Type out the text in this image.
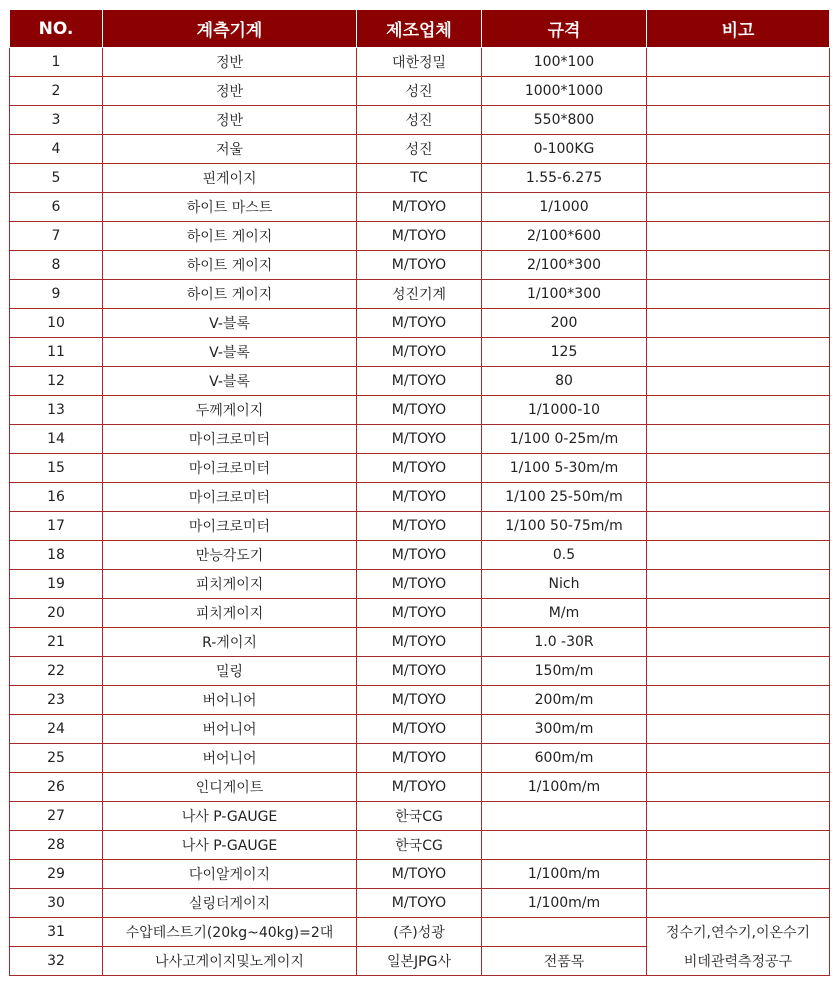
NO.	계측기계	제조업체	규격	비고
1	정반	대한정밀	100*100	
2	정반	성진	1000*1000	
3	정반	성진	550*800	
4	저울	성진	0-100KG	
5	핀게이지	TC	1.55-6.275	
6	하이트 마스트	M/TOYO	1/1000	
7	하이트 게이지	M/TOYO	2/100*600	
8	하이트 게이지	M/TOYO	2/100*300	
9	하이트 게이지	성진기계	1/100*300	
10	V-블록	M/TOYO	200	
11	V-블록	M/TOYO	125	
12	V-블록	M/TOYO	80	
13	두께게이지	M/TOYO	1/1000-10	
14	마이크로미터	M/TOYO	1/100 0-25m/m	
15	마이크로미터	M/TOYO	1/100 5-30m/m	
16	마이크로미터	M/TOYO	1/100 25-50m/m	
17	마이크로미터	M/TOYO	1/100 50-75m/m	
18	만능각도기	M/TOYO	0.5	
19	피치게이지	M/TOYO	Nich	
20	피치게이지	M/TOYO	M/m	
21	R-게이지	M/TOYO	1.0 -30R	
22	밀링	M/TOYO	150m/m	
23	버어니어	M/TOYO	200m/m	
24	버어니어	M/TOYO	300m/m	
25	버어니어	M/TOYO	600m/m	
26	인디게이트	M/TOYO	1/100m/m	
27	나사 P-GAUGE	한국CG		
28	나사 P-GAUGE	한국CG		
29	다이알게이지	M/TOYO	1/100m/m	
30	실링더게이지	M/TOYO	1/100m/m	
31	수압테스트기(20kg~40kg)=2대	(주)성광		정수기,연수기,이온수기
32	나사고게이지및노게이지	일본JPG사	전품목	비데관력측정공구
